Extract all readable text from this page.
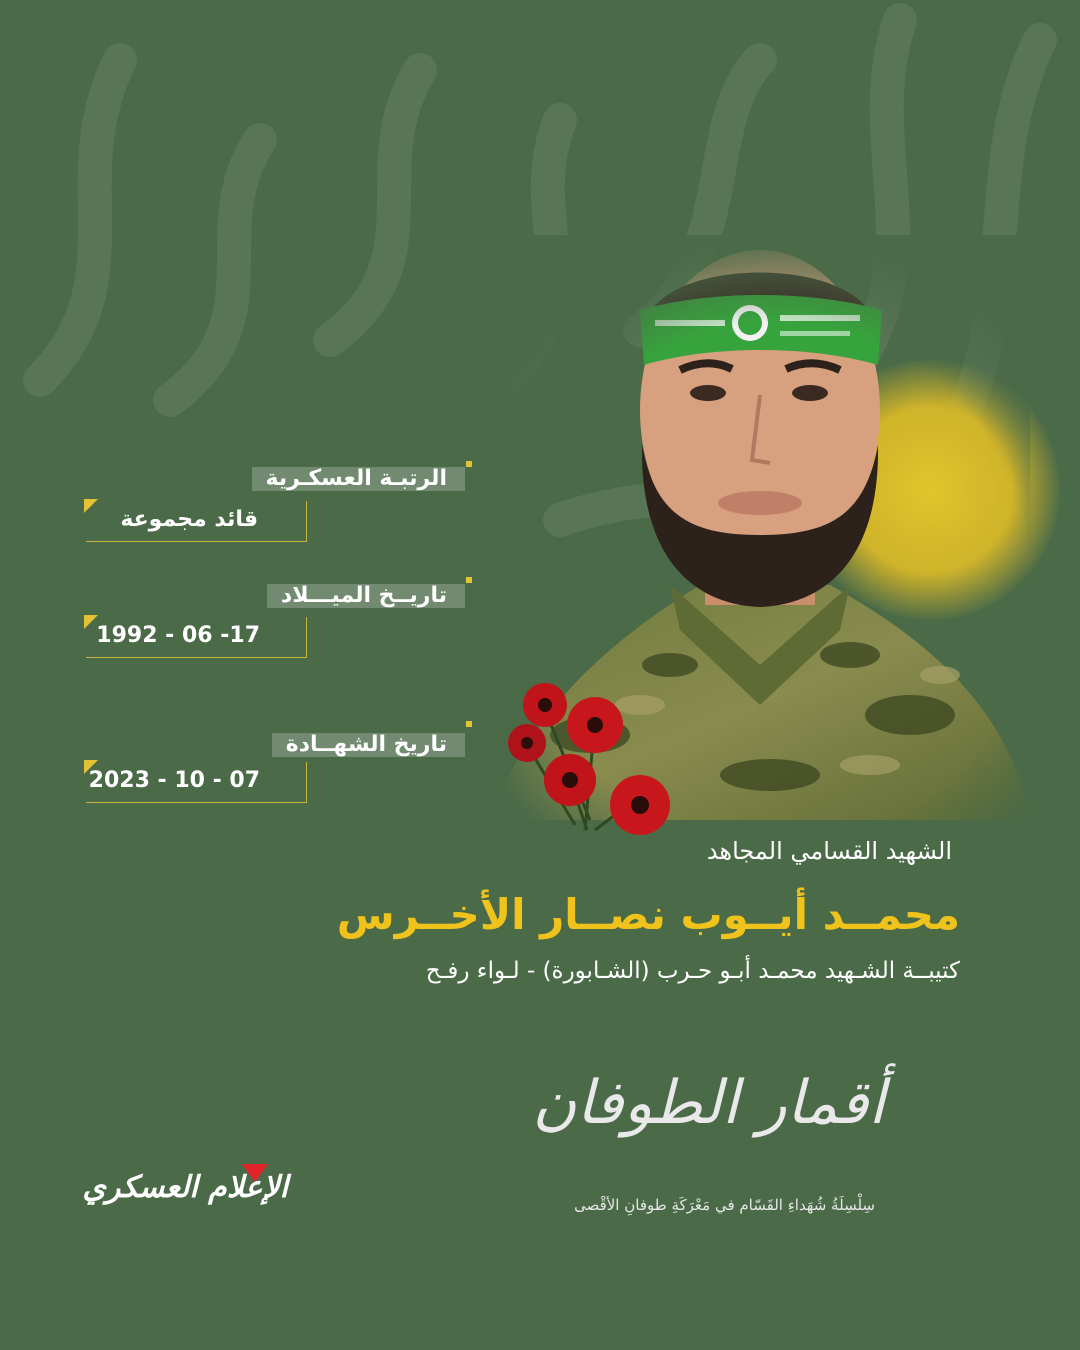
الرتبـة العسكـرية
قائد مجموعة
تاريــخ الميـــلاد
1992 - 06 -17
تاريخ الشهــادة
2023 - 10 - 07
الشهيد القسامي المجاهد
محمــد أيــوب نصــار الأخــرس
كتيبــة الشـهيد محمـد أبـو حـرب (الشـابورة) - لـواء رفـح
أقمار الطوفان
سِلْسِلَةُ شُهَداءِ القَسّام في مَعْرَكَةِ طوفانِ الأقْصى
الإعلام العسكري
